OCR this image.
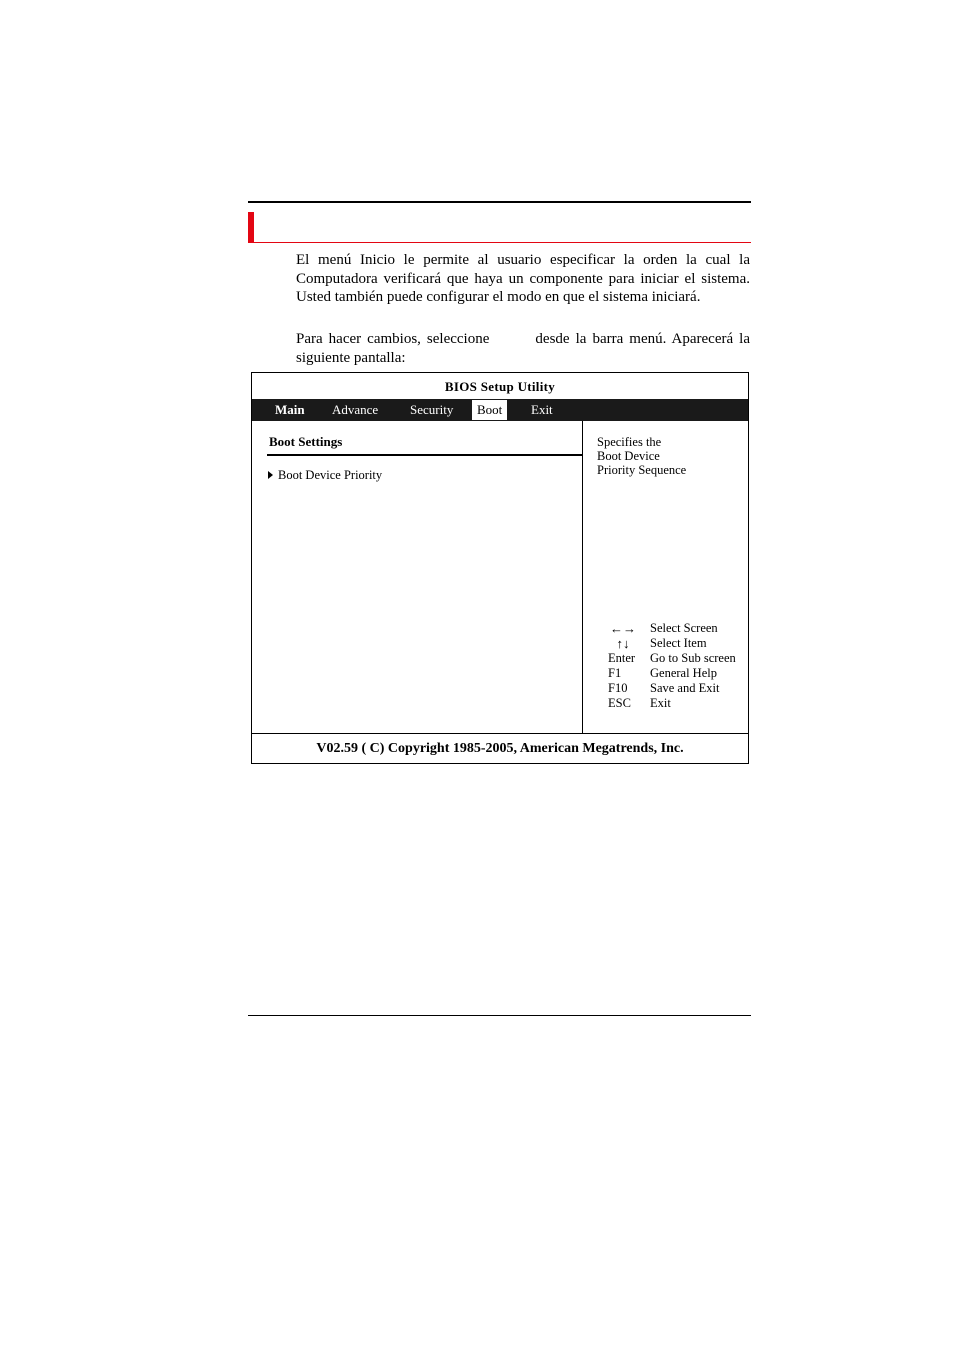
El menú Inicio le permite al usuario especificar la orden la cual la Computadora verificará que haya un componente para iniciar el sistema. Usted también puede configurar el modo en que el sistema iniciará.
Para hacer cambios, seleccione	desde la barra menú. Aparecerá la siguiente pantalla:
BIOS Setup Utility
Main Advance Security	Boot	Exit
Boot Settings
Boot Device Priority
Specifies the
Boot Device
Priority Sequence
←→ Select Screen
↑↓	Select Item
Enter	Go to Sub screen
F1	General Help
F10	Save and Exit
ESC	Exit
V02.59 ( C) Copyright 1985-2005, American Megatrends, Inc.
